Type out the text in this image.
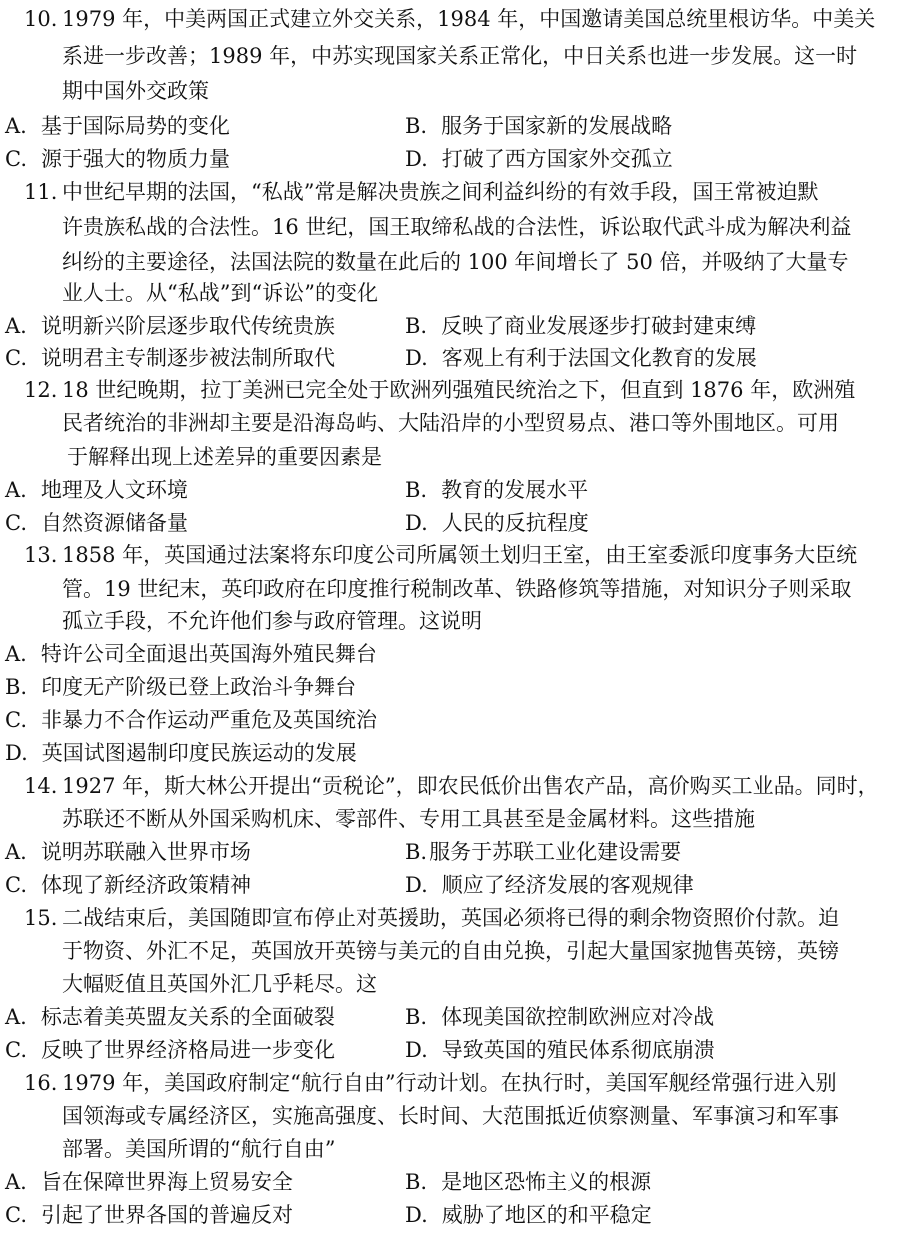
10. 1979 年，中美两国正式建立外交关系，1984 年，中国邀请美国总统里根访华。中美关
系进一步改善；1989 年，中苏实现国家关系正常化，中日关系也进一步发展。这一时
期中国外交政策
A. 基于国际局势的变化	B. 服务于国家新的发展战略
C. 源于强大的物质力量	D. 打破了西方国家外交孤立
11. 中世纪早期的法国，“私战”常是解决贵族之间利益纠纷的有效手段，国王常被迫默
许贵族私战的合法性。16 世纪，国王取缔私战的合法性，诉讼取代武斗成为解决利益
纠纷的主要途径，法国法院的数量在此后的 100 年间增长了 50 倍，并吸纳了大量专
业人士。从“私战”到“诉讼”的变化
A. 说明新兴阶层逐步取代传统贵族	B. 反映了商业发展逐步打破封建束缚
C. 说明君主专制逐步被法制所取代	D. 客观上有利于法国文化教育的发展
12. 18 世纪晚期，拉丁美洲已完全处于欧洲列强殖民统治之下，但直到 1876 年，欧洲殖
民者统治的非洲却主要是沿海岛屿、大陆沿岸的小型贸易点、港口等外围地区。可用
于解释出现上述差异的重要因素是
A. 地理及人文环境	B. 教育的发展水平
C. 自然资源储备量	D. 人民的反抗程度
13. 1858 年，英国通过法案将东印度公司所属领土划归王室，由王室委派印度事务大臣统
管。19 世纪末，英印政府在印度推行税制改革、铁路修筑等措施，对知识分子则采取
孤立手段，不允许他们参与政府管理。这说明
A. 特许公司全面退出英国海外殖民舞台
B. 印度无产阶级已登上政治斗争舞台
C. 非暴力不合作运动严重危及英国统治
D. 英国试图遏制印度民族运动的发展
14. 1927 年，斯大林公开提出“贡税论”，即农民低价出售农产品，高价购买工业品。同时，
苏联还不断从外国采购机床、零部件、专用工具甚至是金属材料。这些措施
A. 说明苏联融入世界市场	B.服务于苏联工业化建设需要
C. 体现了新经济政策精神	D. 顺应了经济发展的客观规律
15. 二战结束后，美国随即宣布停止对英援助，英国必须将已得的剩余物资照价付款。迫
于物资、外汇不足，英国放开英镑与美元的自由兑换，引起大量国家抛售英镑，英镑
大幅贬值且英国外汇几乎耗尽。这
A. 标志着美英盟友关系的全面破裂	B. 体现美国欲控制欧洲应对冷战
C. 反映了世界经济格局进一步变化	D. 导致英国的殖民体系彻底崩溃
16. 1979 年，美国政府制定“航行自由”行动计划。在执行时，美国军舰经常强行进入别
国领海或专属经济区，实施高强度、长时间、大范围抵近侦察测量、军事演习和军事
部署。美国所谓的“航行自由”
A. 旨在保障世界海上贸易安全	B. 是地区恐怖主义的根源
C. 引起了世界各国的普遍反对	D. 威胁了地区的和平稳定
